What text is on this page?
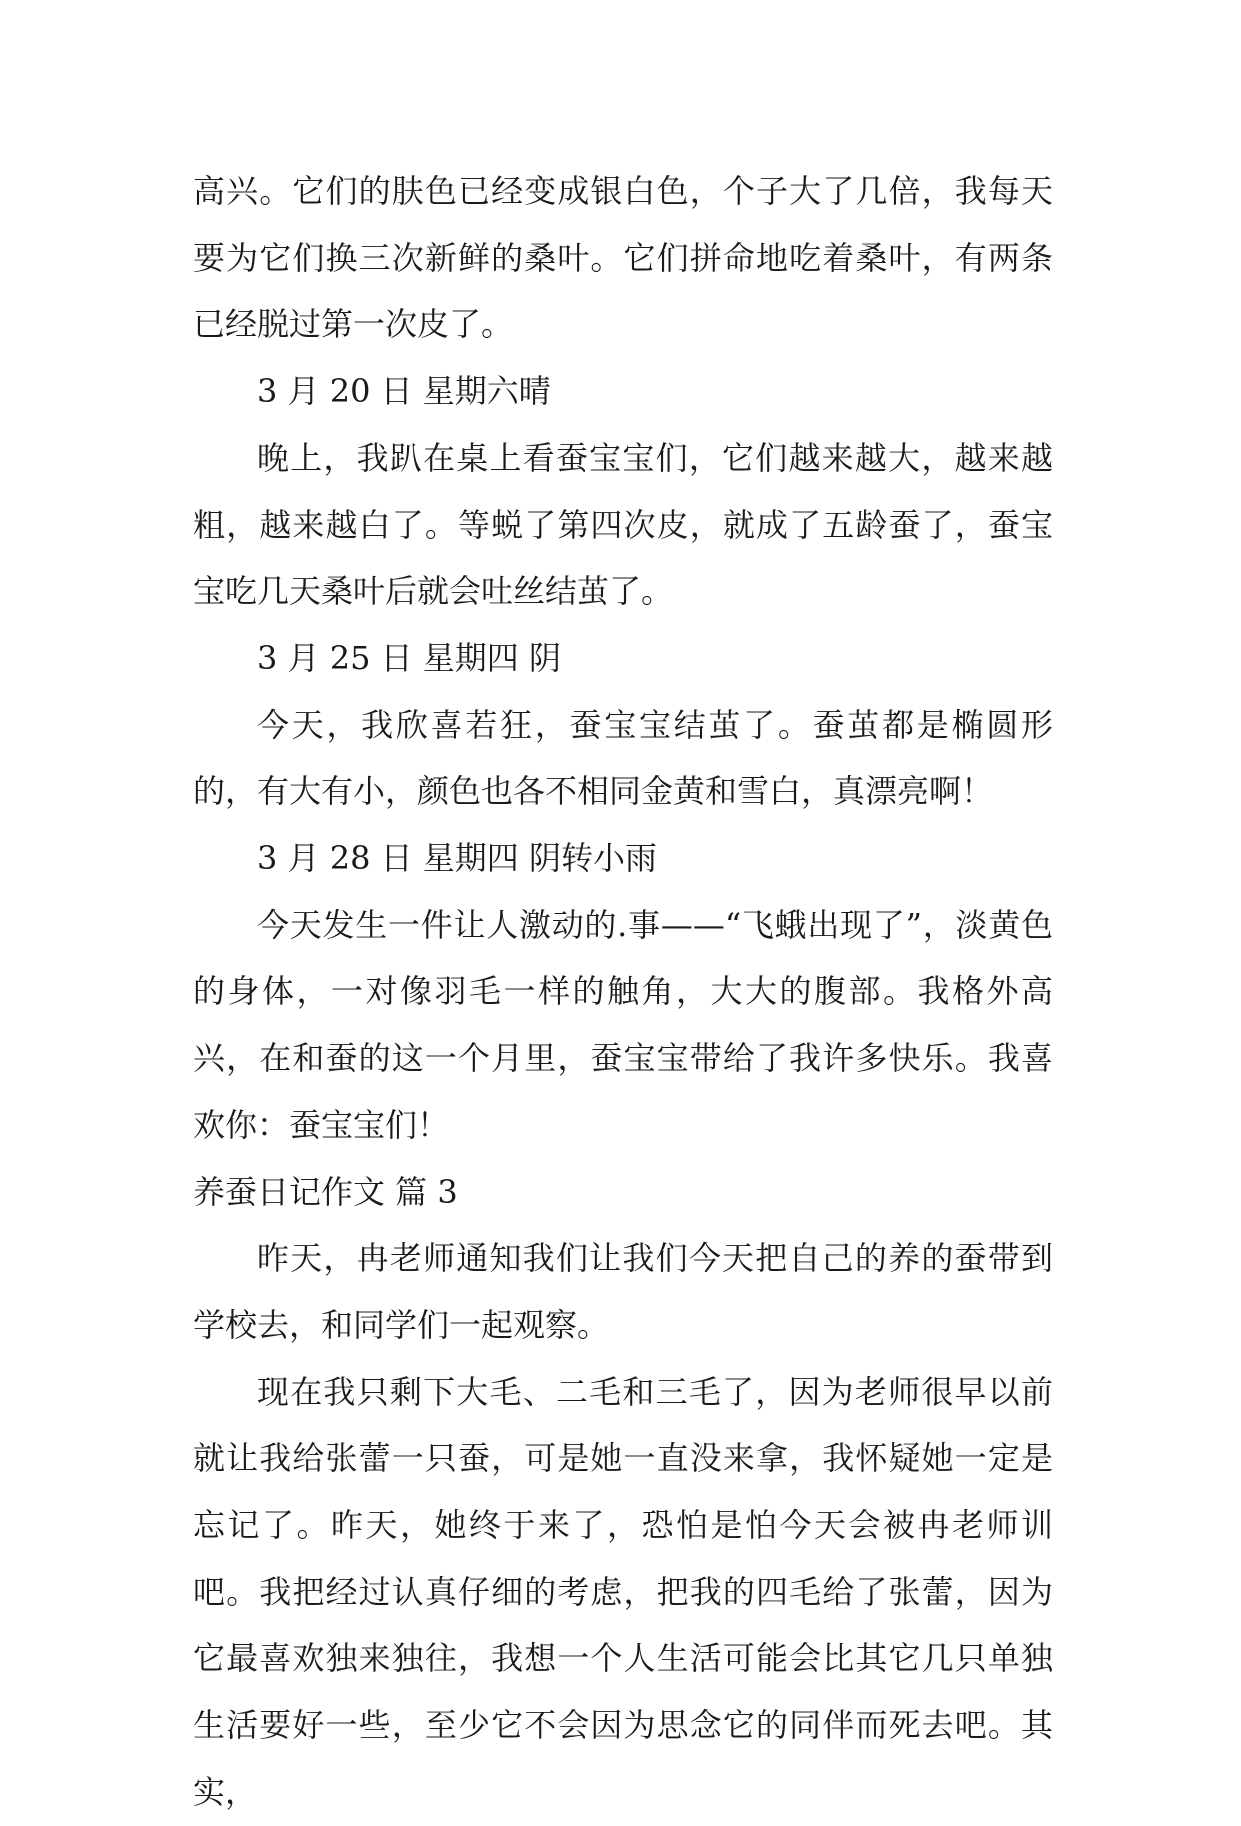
高兴。它们的肤色已经变成银白色，个子大了几倍，我每天要为它们换三次新鲜的桑叶。它们拼命地吃着桑叶，有两条已经脱过第一次皮了。

3 月 20 日 星期六晴

晚上，我趴在桌上看蚕宝宝们，它们越来越大，越来越粗，越来越白了。等蜕了第四次皮，就成了五龄蚕了，蚕宝宝吃几天桑叶后就会吐丝结茧了。

3 月 25 日 星期四 阴

今天，我欣喜若狂，蚕宝宝结茧了。蚕茧都是椭圆形的，有大有小，颜色也各不相同金黄和雪白，真漂亮啊！

3 月 28 日 星期四 阴转小雨

今天发生一件让人激动的.事——“飞蛾出现了”，淡黄色的身体，一对像羽毛一样的触角，大大的腹部。我格外高兴，在和蚕的这一个月里，蚕宝宝带给了我许多快乐。我喜欢你：蚕宝宝们！

养蚕日记作文 篇 3

昨天，冉老师通知我们让我们今天把自己的养的蚕带到学校去，和同学们一起观察。

现在我只剩下大毛、二毛和三毛了，因为老师很早以前就让我给张蕾一只蚕，可是她一直没来拿，我怀疑她一定是忘记了。昨天，她终于来了，恐怕是怕今天会被冉老师训吧。我把经过认真仔细的考虑，把我的四毛给了张蕾，因为它最喜欢独来独往，我想一个人生活可能会比其它几只单独生活要好一些，至少它不会因为思念它的同伴而死去吧。其实，
